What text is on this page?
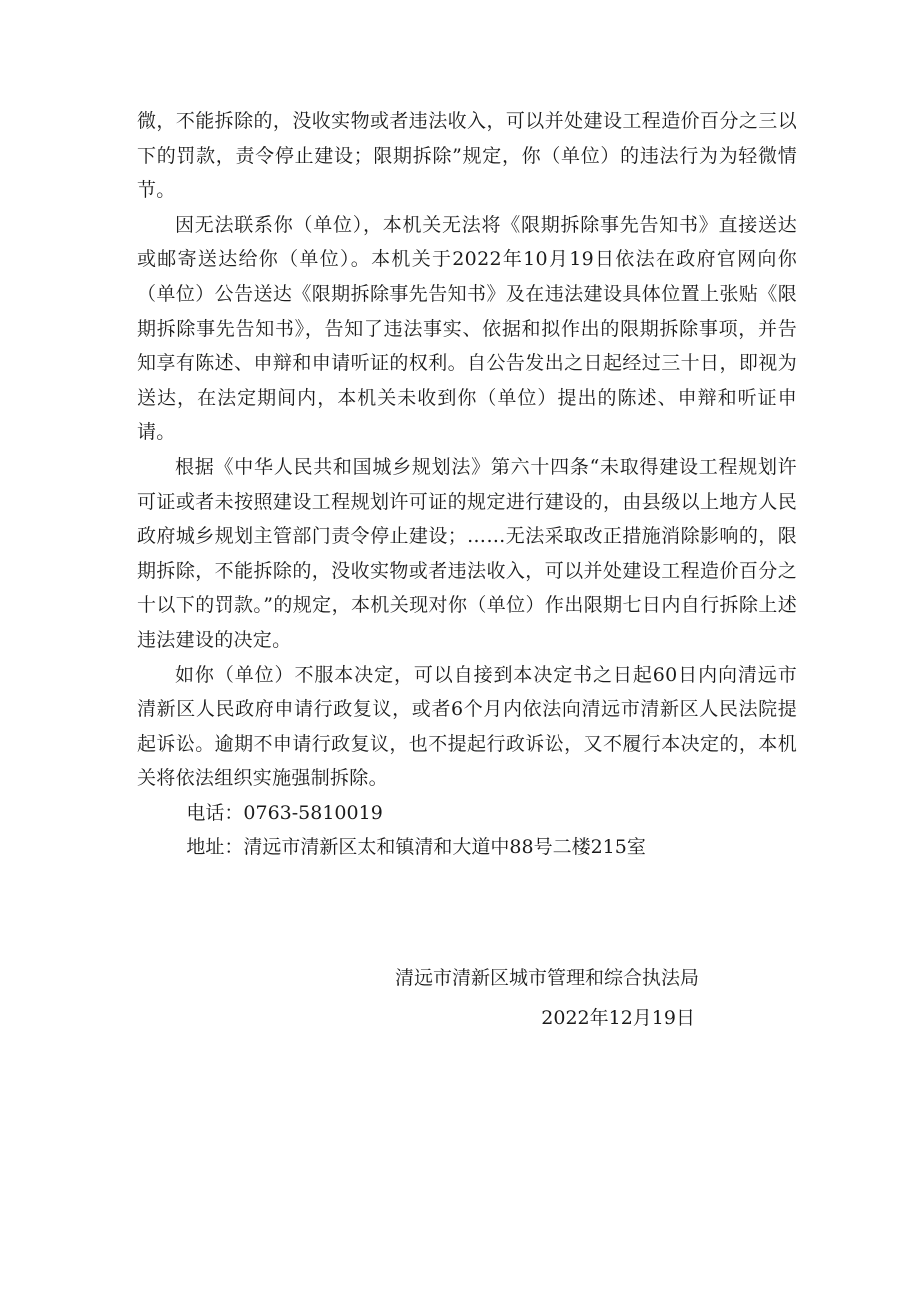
微，不能拆除的，没收实物或者违法收入，可以并处建设工程造价百分之三以下的罚款，责令停止建设；限期拆除”规定，你（单位）的违法行为为轻微情节。

因无法联系你（单位），本机关无法将《限期拆除事先告知书》直接送达或邮寄送达给你（单位）。本机关于2022年10月19日依法在政府官网向你（单位）公告送达《限期拆除事先告知书》及在违法建设具体位置上张贴《限期拆除事先告知书》，告知了违法事实、依据和拟作出的限期拆除事项，并告知享有陈述、申辩和申请听证的权利。自公告发出之日起经过三十日，即视为送达，在法定期间内，本机关未收到你（单位）提出的陈述、申辩和听证申请。

根据《中华人民共和国城乡规划法》第六十四条“未取得建设工程规划许可证或者未按照建设工程规划许可证的规定进行建设的，由县级以上地方人民政府城乡规划主管部门责令停止建设；……无法采取改正措施消除影响的，限期拆除，不能拆除的，没收实物或者违法收入，可以并处建设工程造价百分之十以下的罚款。”的规定，本机关现对你（单位）作出限期七日内自行拆除上述违法建设的决定。

如你（单位）不服本决定，可以自接到本决定书之日起60日内向清远市清新区人民政府申请行政复议，或者6个月内依法向清远市清新区人民法院提起诉讼。逾期不申请行政复议，也不提起行政诉讼，又不履行本决定的，本机关将依法组织实施强制拆除。

电话：0763-5810019

地址：清远市清新区太和镇清和大道中88号二楼215室

清远市清新区城市管理和综合执法局
2022年12月19日
